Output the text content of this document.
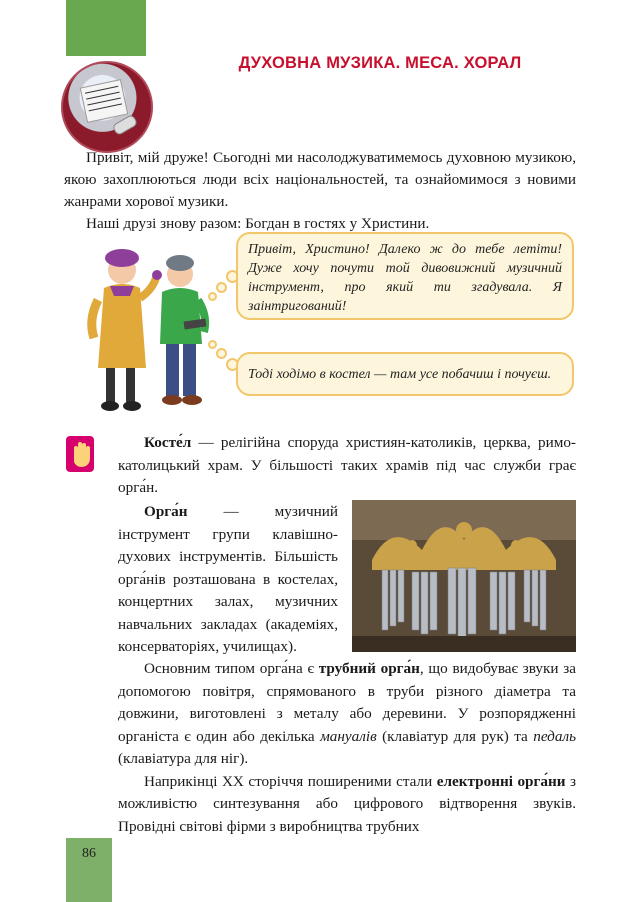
ДУХОВНА МУЗИКА. МЕСА. ХОРАЛ

Привіт, мій друже! Сьогодні ми насолоджуватимемось духовною музикою, якою захоплюються люди всіх національностей, та ознайомимося з новими жанрами хорової музики.

Наші друзі знову разом: Богдан в гостях у Христини.

Привіт, Христино! Далеко ж до тебе летіти! Дуже хочу почути той дивовижний музичний інструмент, про який ти згадувала. Я заінтригований!
Тоді ходімо в костел — там усе побачиш і почуєш.

Косте́л — релігійна споруда християн-католиків, церква, римо-католицький храм. У більшості таких храмів під час служби грає орга́н.

Орга́н — музичний інструмент групи клавішно-духових інструментів. Більшість орга́нів розташована в костелах, концертних залах, музичних навчальних закладах (академіях, консерваторіях, училищах).

Основним типом орга́на є трубний орга́н, що видобуває звуки за допомогою повітря, спрямованого в труби різного діаметра та довжини, виготовлені з металу або деревини. У розпорядженні органіста є один або декілька мануалів (клавіатур для рук) та педаль (клавіатура для ніг).

Наприкінці XX сторіччя поширеними стали електронні орга́ни з можливістю синтезування або цифрового відтворення звуків. Провідні світові фірми з виробництва трубних

86
